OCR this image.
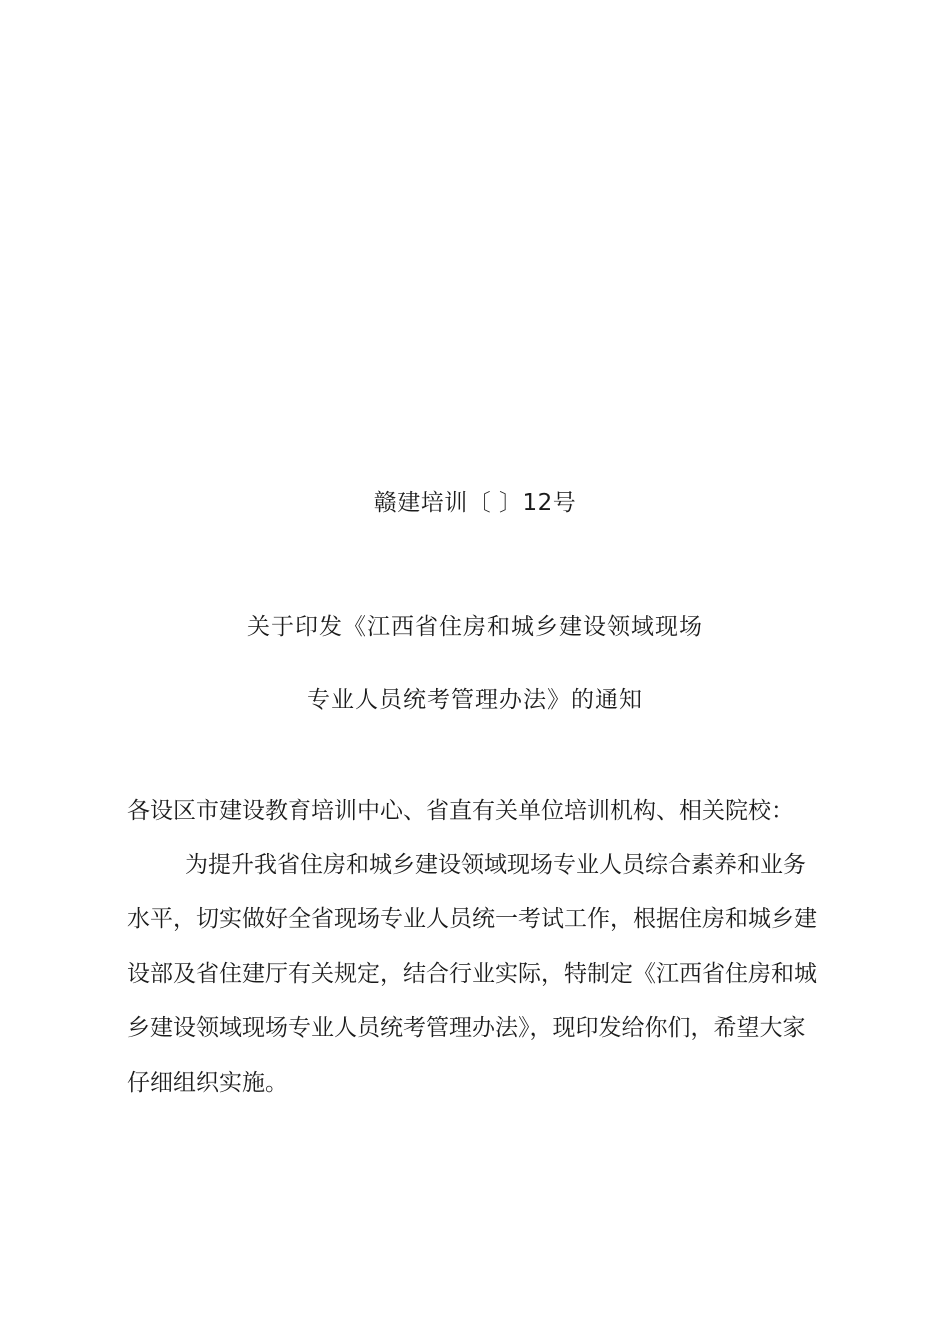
赣建培训〔 〕12号
关于印发《江西省住房和城乡建设领域现场
专业人员统考管理办法》的通知
各设区市建设教育培训中心、省直有关单位培训机构、相关院校：
为提升我省住房和城乡建设领域现场专业人员综合素养和业务
水平，切实做好全省现场专业人员统一考试工作，根据住房和城乡建
设部及省住建厅有关规定，结合行业实际，特制定《江西省住房和城
乡建设领域现场专业人员统考管理办法》，现印发给你们，希望大家
仔细组织实施。
